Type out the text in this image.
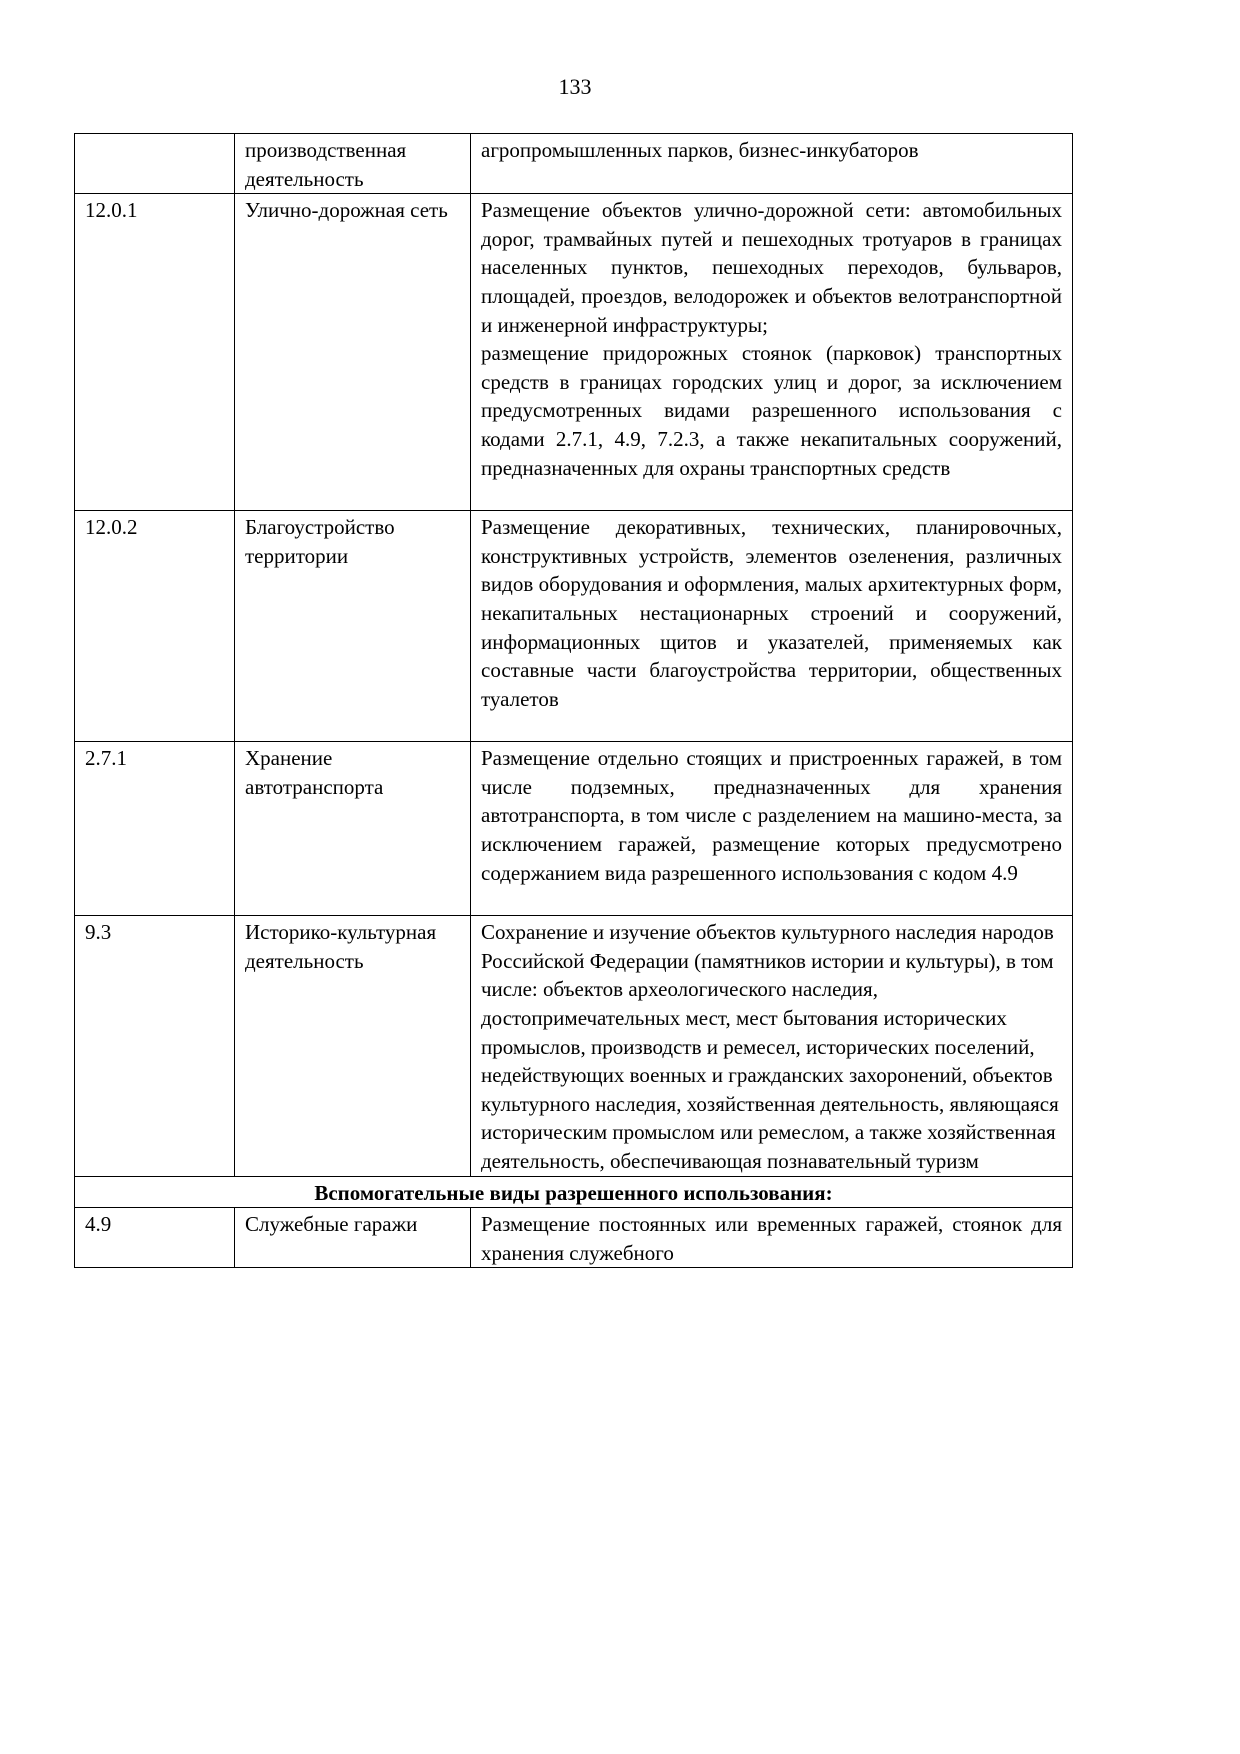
133
	производственная деятельность	агропромышленных парков, бизнес-инкубаторов
12.0.1	Улично-дорожная сеть	Размещение объектов улично-дорожной сети: автомобильных дорог, трамвайных путей и пешеходных тротуаров в границах населенных пунктов, пешеходных переходов, бульваров, площадей, проездов, велодорожек и объектов велотранспортной и инженерной инфраструктуры;
размещение придорожных стоянок (парковок) транспортных средств в границах городских улиц и дорог, за исключением предусмотренных видами разрешенного использования с кодами 2.7.1, 4.9, 7.2.3, а также некапитальных сооружений, предназначенных для охраны транспортных средств

12.0.2	Благоустройство территории	Размещение декоративных, технических, планировочных, конструктивных устройств, элементов озеленения, различных видов оборудования и оформления, малых архитектурных форм, некапитальных нестационарных строений и сооружений, информационных щитов и указателей, применяемых как составные части благоустройства территории, общественных туалетов

2.7.1	Хранение автотранспорта	Размещение отдельно стоящих и пристроенных гаражей, в том числе подземных, предназначенных для хранения автотранспорта, в том числе с разделением на машино-места, за исключением гаражей, размещение которых предусмотрено содержанием вида разрешенного использования с кодом 4.9

9.3	Историко-культурная деятельность	Сохранение и изучение объектов культурного наследия народов Российской Федерации (памятников истории и культуры), в том числе: объектов археологического наследия, достопримечательных мест, мест бытования исторических промыслов, производств и ремесел, исторических поселений, недействующих военных и гражданских захоронений, объектов культурного наследия, хозяйственная деятельность, являющаяся историческим промыслом или ремеслом, а также хозяйственная деятельность, обеспечивающая познавательный туризм
Вспомогательные виды разрешенного использования:		
4.9	Служебные гаражи	Размещение постоянных или временных гаражей, стоянок для хранения служебного
